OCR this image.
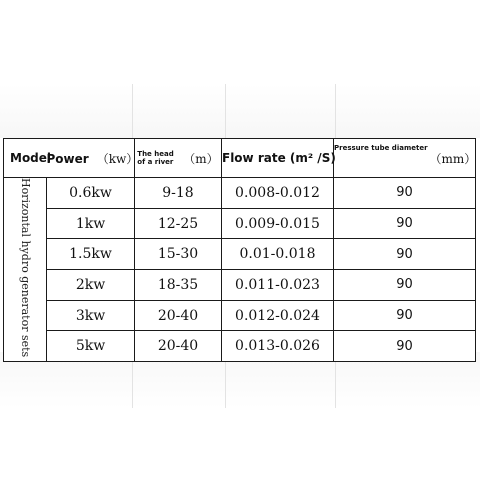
Model	Power （kw）	The head of a river （m）	Flow rate (m² /S)	Pressure tube diameter（mm）
Horizontal hydro generator sets	0.6kw	9-18	0.008-0.012	90
	1kw	12-25	0.009-0.015	90
	1.5kw	15-30	0.01-0.018	90
	2kw	18-35	0.011-0.023	90
	3kw	20-40	0.012-0.024	90
	5kw	20-40	0.013-0.026	90
